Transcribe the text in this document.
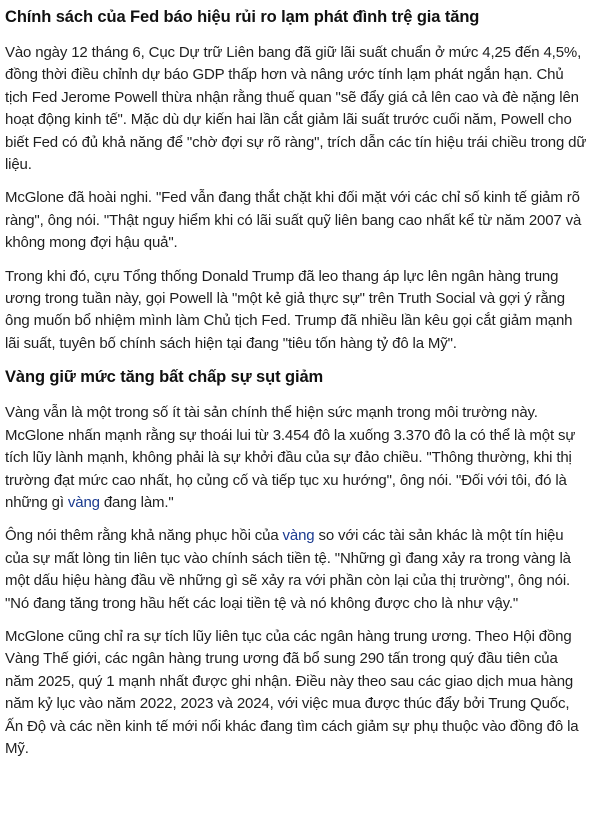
Chính sách của Fed báo hiệu rủi ro lạm phát đình trệ gia tăng

Vào ngày 12 tháng 6, Cục Dự trữ Liên bang đã giữ lãi suất chuẩn ở mức 4,25 đến 4,5%, đồng thời điều chỉnh dự báo GDP thấp hơn và nâng ước tính lạm phát ngắn hạn. Chủ tịch Fed Jerome Powell thừa nhận rằng thuế quan "sẽ đẩy giá cả lên cao và đè nặng lên hoạt động kinh tế". Mặc dù dự kiến hai lần cắt giảm lãi suất trước cuối năm, Powell cho biết Fed có đủ khả năng để "chờ đợi sự rõ ràng", trích dẫn các tín hiệu trái chiều trong dữ liệu.

McGlone đã hoài nghi. "Fed vẫn đang thắt chặt khi đối mặt với các chỉ số kinh tế giảm rõ ràng", ông nói. "Thật nguy hiểm khi có lãi suất quỹ liên bang cao nhất kể từ năm 2007 và không mong đợi hậu quả".

Trong khi đó, cựu Tổng thống Donald Trump đã leo thang áp lực lên ngân hàng trung ương trong tuần này, gọi Powell là "một kẻ giả thực sự" trên Truth Social và gợi ý rằng ông muốn bổ nhiệm mình làm Chủ tịch Fed. Trump đã nhiều lần kêu gọi cắt giảm mạnh lãi suất, tuyên bố chính sách hiện tại đang "tiêu tốn hàng tỷ đô la Mỹ".

Vàng giữ mức tăng bất chấp sự sụt giảm

Vàng vẫn là một trong số ít tài sản chính thể hiện sức mạnh trong môi trường này. McGlone nhấn mạnh rằng sự thoái lui từ 3.454 đô la xuống 3.370 đô la có thể là một sự tích lũy lành mạnh, không phải là sự khởi đầu của sự đảo chiều. "Thông thường, khi thị trường đạt mức cao nhất, họ củng cố và tiếp tục xu hướng", ông nói. "Đối với tôi, đó là những gì vàng đang làm."

Ông nói thêm rằng khả năng phục hồi của vàng so với các tài sản khác là một tín hiệu của sự mất lòng tin liên tục vào chính sách tiền tệ. "Những gì đang xảy ra trong vàng là một dấu hiệu hàng đầu về những gì sẽ xảy ra với phần còn lại của thị trường", ông nói. "Nó đang tăng trong hầu hết các loại tiền tệ và nó không được cho là như vậy."

McGlone cũng chỉ ra sự tích lũy liên tục của các ngân hàng trung ương. Theo Hội đồng Vàng Thế giới, các ngân hàng trung ương đã bổ sung 290 tấn trong quý đầu tiên của năm 2025, quý 1 mạnh nhất được ghi nhận. Điều này theo sau các giao dịch mua hàng năm kỷ lục vào năm 2022, 2023 và 2024, với việc mua được thúc đẩy bởi Trung Quốc, Ấn Độ và các nền kinh tế mới nổi khác đang tìm cách giảm sự phụ thuộc vào đồng đô la Mỹ.
